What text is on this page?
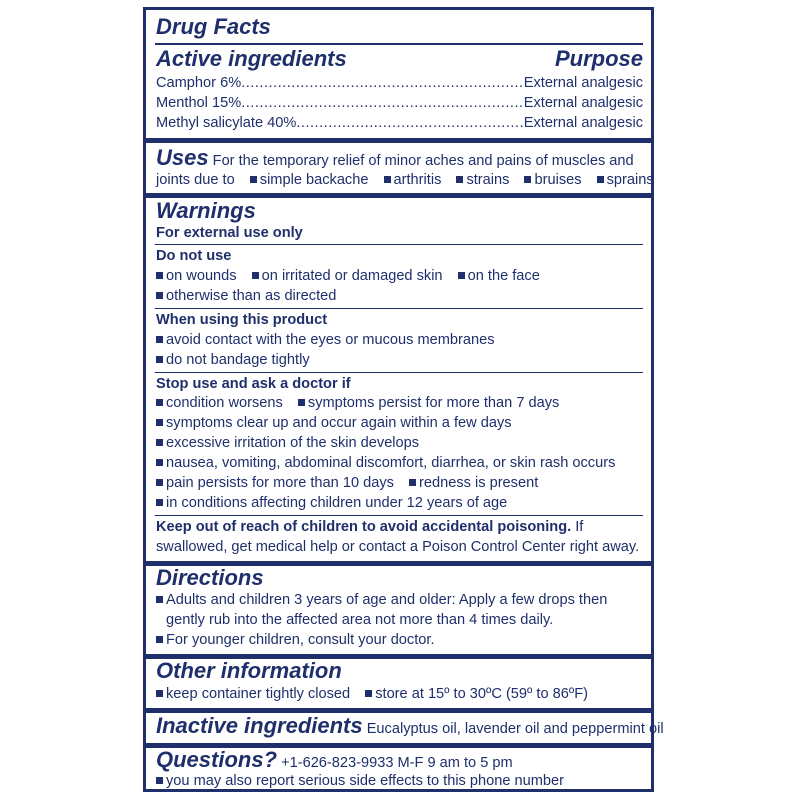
Drug Facts
Active ingredients	Purpose
Camphor 6% .....	External analgesic
Menthol 15% .....	External analgesic
Methyl salicylate 40% .....	External analgesic
Uses For the temporary relief of minor aches and pains of muscles and
joints due to simple backache arthritis strains bruises sprains
Warnings
For external use only
Do not use
on wounds on irritated or damaged skin on the face
otherwise than as directed
When using this product
avoid contact with the eyes or mucous membranes
do not bandage tightly
Stop use and ask a doctor if
condition worsens symptoms persist for more than 7 days
symptoms clear up and occur again within a few days
excessive irritation of the skin develops
nausea, vomiting, abdominal discomfort, diarrhea, or skin rash occurs
pain persists for more than 10 days redness is present
in conditions affecting children under 12 years of age
Keep out of reach of children to avoid accidental poisoning. If
swallowed, get medical help or contact a Poison Control Center right away.
Directions
Adults and children 3 years of age and older: Apply a few drops then
gently rub into the affected area not more than 4 times daily.
For younger children, consult your doctor.
Other information
keep container tightly closed store at 15º to 30ºC (59º to 86ºF)
Inactive ingredients Eucalyptus oil, lavender oil and peppermint oil
Questions? +1-626-823-9933 M-F 9 am to 5 pm
you may also report serious side effects to this phone number
